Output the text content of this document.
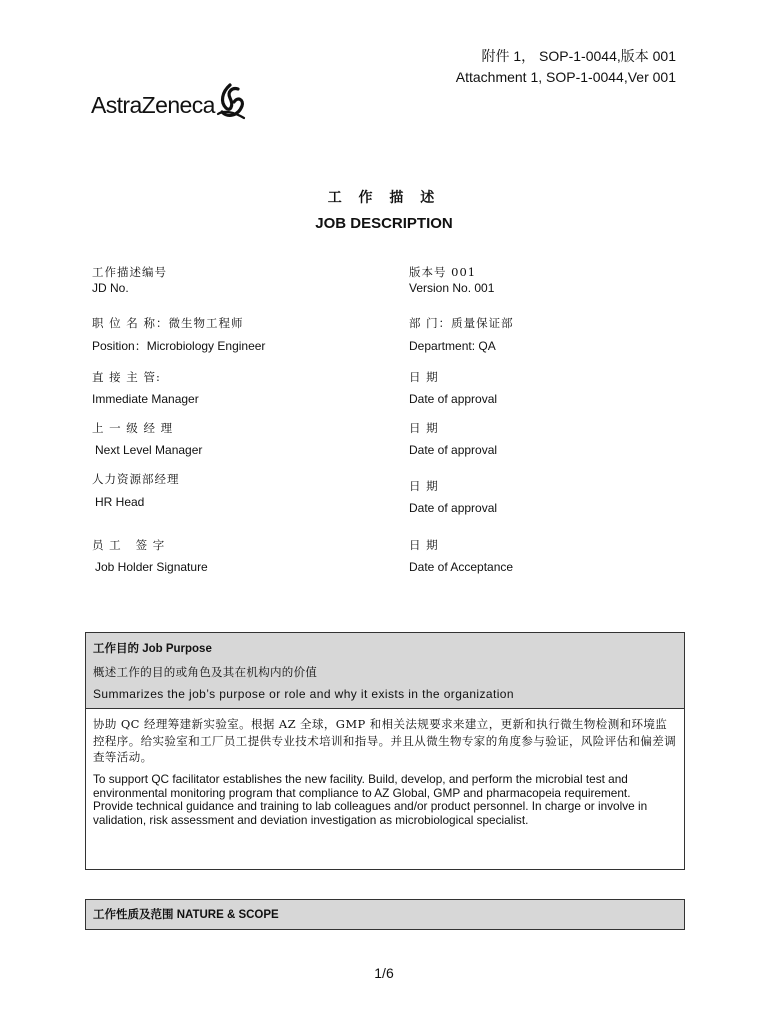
附件 1， SOP-1-0044,版本 001
Attachment 1, SOP-1-0044,Ver 001
AstraZeneca
工 作 描 述
JOB DESCRIPTION
工作描述编号
JD No.
职 位 名 称：微生物工程师
Position：Microbiology Engineer
直 接 主 管:
Immediate Manager
上 一 级 经 理
Next Level Manager
人力资源部经理
HR Head
员 工   签 字
Job Holder Signature
版本号 001
Version No. 001
部 门：质量保证部
Department: QA
日 期
Date of approval
日 期
Date of approval
日 期
Date of approval
日 期
Date of Acceptance
工作目的 Job Purpose
概述工作的目的或角色及其在机构内的价值
Summarizes the job’s purpose or role and why it exists in the organization
协助 QC 经理筹建新实验室。根据 AZ 全球，GMP 和相关法规要求来建立，更新和执行微生物检测和环境监控程序。给实验室和工厂员工提供专业技术培训和指导。并且从微生物专家的角度参与验证，风险评估和偏差调查等活动。
To support QC facilitator establishes the new facility. Build, develop, and perform the microbial test and environmental monitoring program that compliance to AZ Global, GMP and pharmacopeia requirement. Provide technical guidance and training to lab colleagues and/or product personnel. In charge or involve in validation, risk assessment and deviation investigation as microbiological specialist.
工作性质及范围 NATURE & SCOPE
1/6
